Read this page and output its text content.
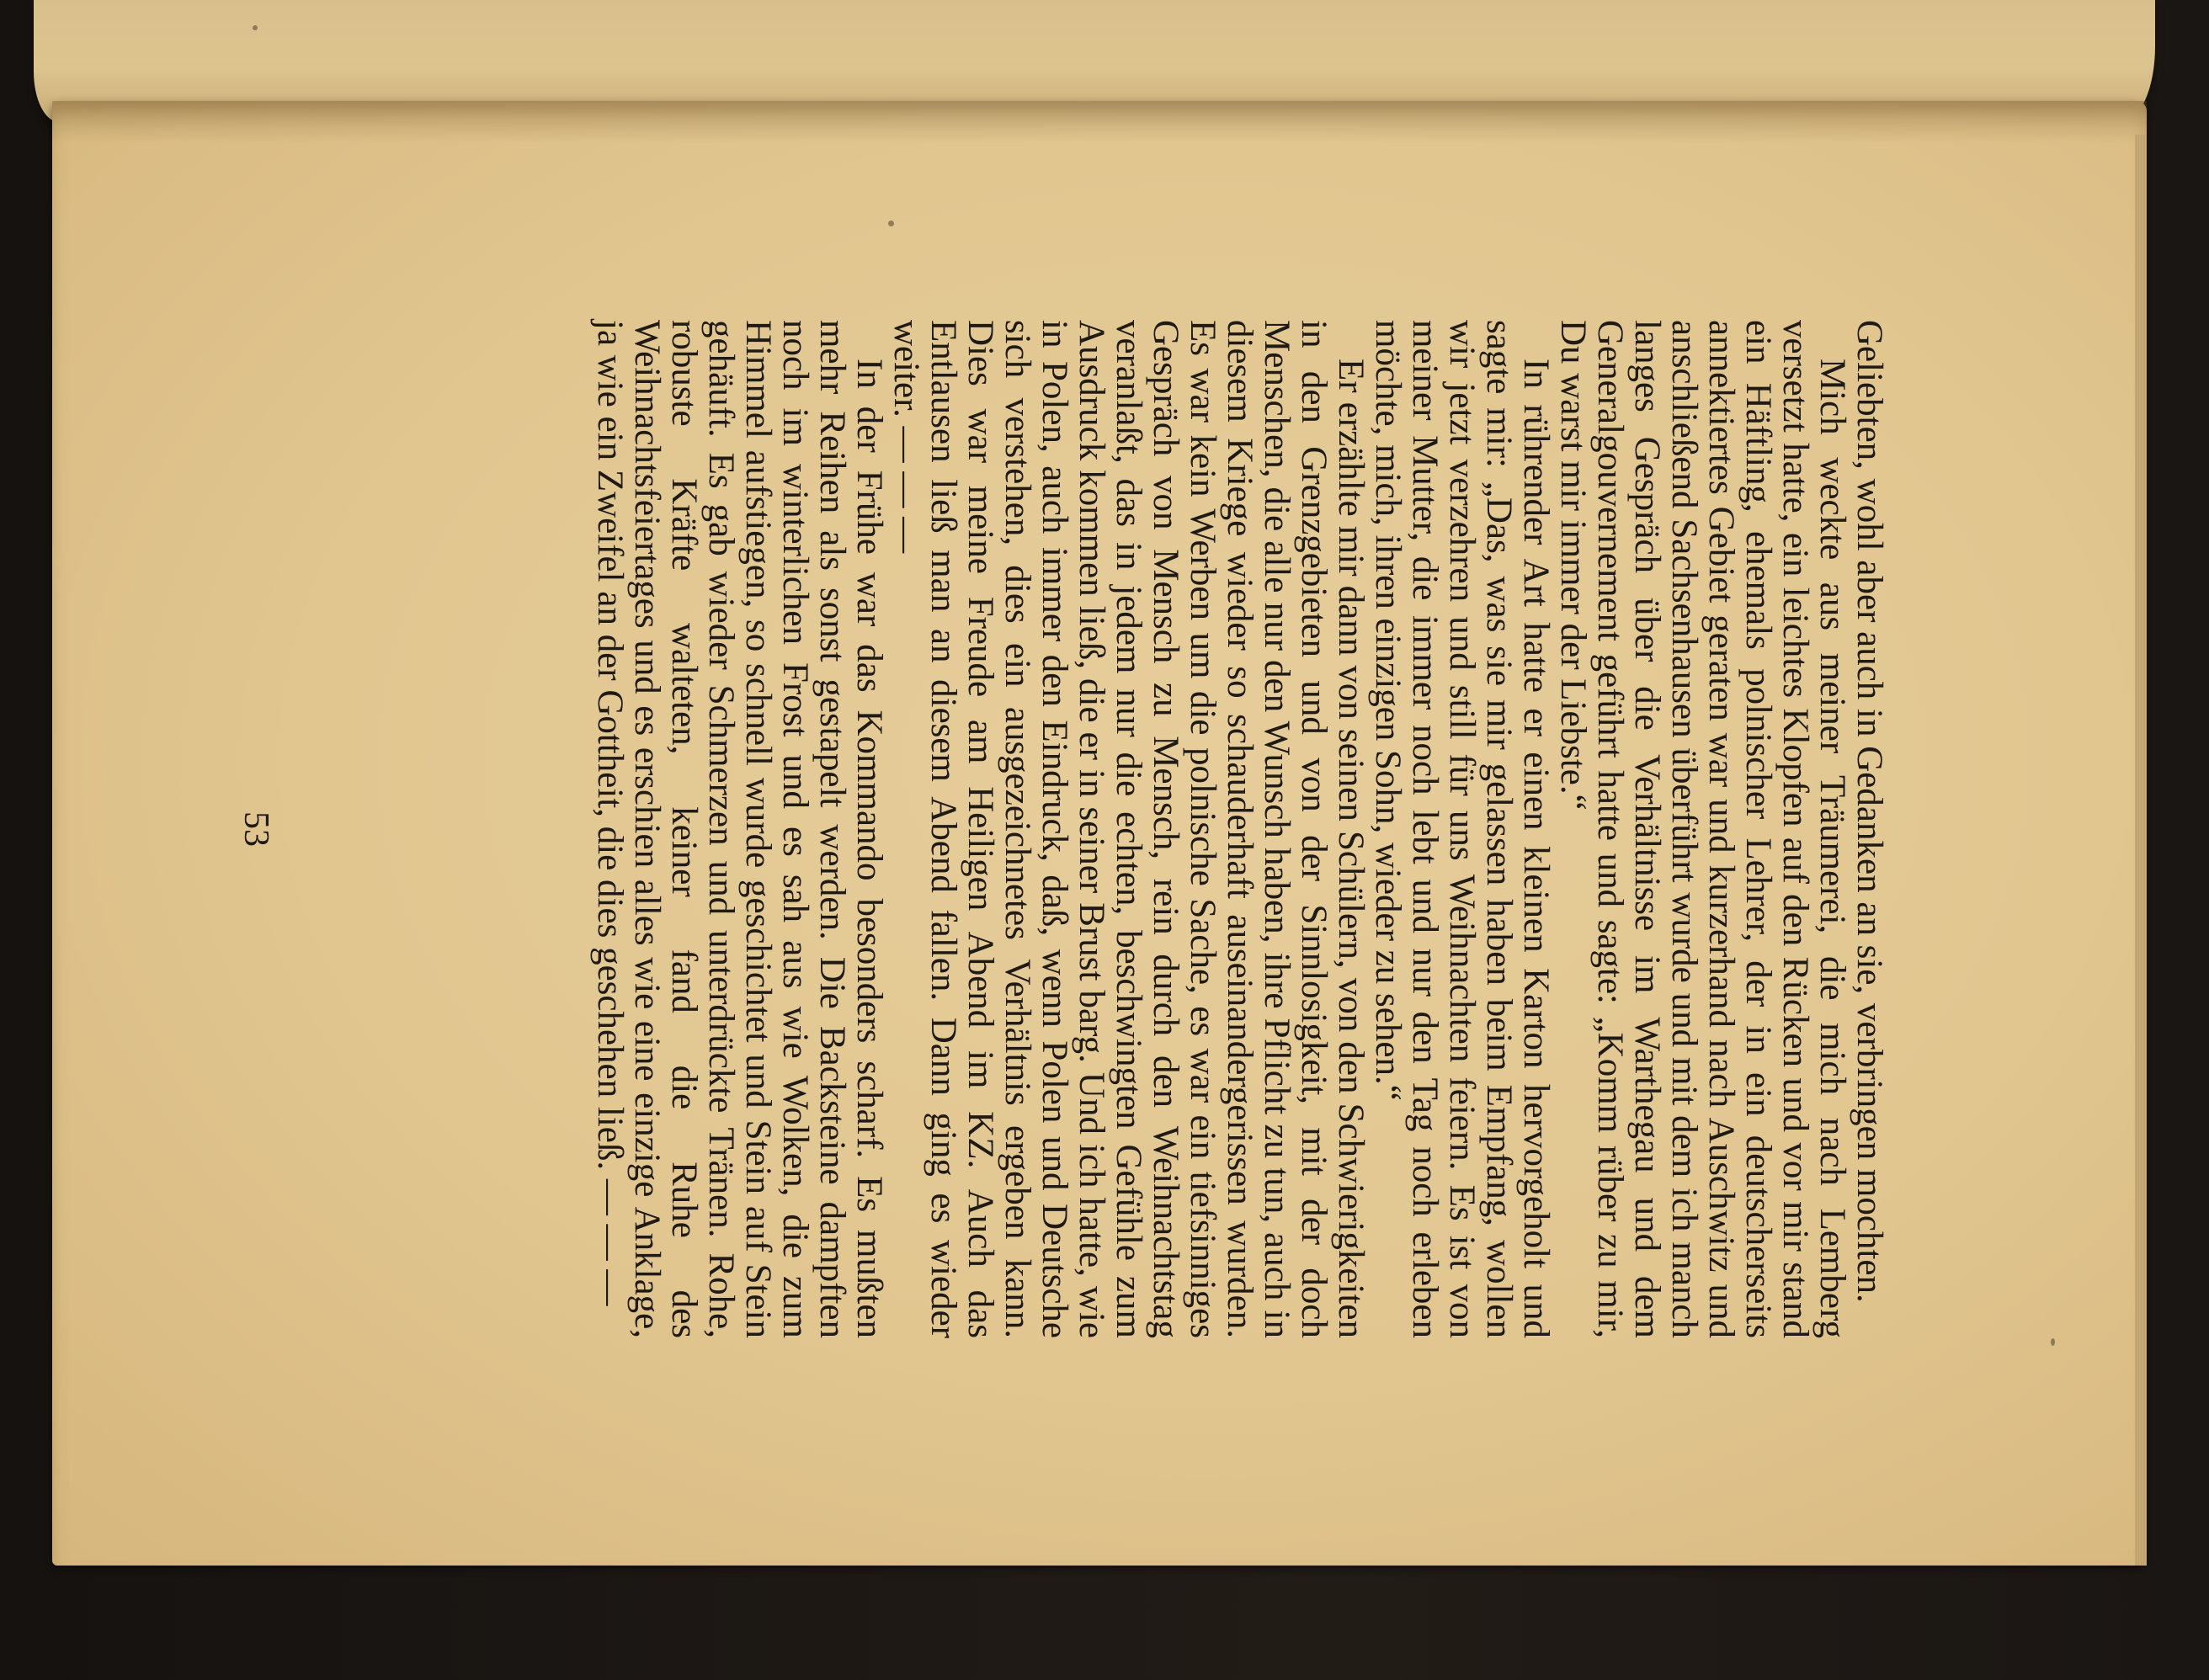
Geliebten, wohl aber auch in Gedanken an sie, verbringen mochten.

Mich weckte aus meiner Träumerei, die mich nach Lemberg versetzt hatte, ein leichtes Klopfen auf den Rücken und vor mir stand ein Häftling, ehemals polnischer Lehrer, der in ein deutscherseits annektiertes Gebiet geraten war und kurzerhand nach Auschwitz und anschließend Sachsenhausen überführt wurde und mit dem ich manch langes Gespräch über die Verhältnisse im Warthegau und dem Generalgouvernement geführt hatte und sagte: „Komm rüber zu mir, Du warst mir immer der Liebste.“

In rührender Art hatte er einen kleinen Karton hervorgeholt und sagte mir: „Das, was sie mir gelassen haben beim Empfang, wollen wir jetzt verzehren und still für uns Weihnachten feiern. Es ist von meiner Mutter, die immer noch lebt und nur den Tag noch erleben möchte, mich, ihren einzigen Sohn, wieder zu sehen.“

Er erzählte mir dann von seinen Schülern, von den Schwierigkeiten in den Grenzgebieten und von der Sinnlosigkeit, mit der doch Menschen, die alle nur den Wunsch haben, ihre Pflicht zu tun, auch in diesem Kriege wieder so schauderhaft auseinandergerissen wurden. Es war kein Werben um die polnische Sache, es war ein tiefsinniges Gespräch von Mensch zu Mensch, rein durch den Weihnachtstag veranlaßt, das in jedem nur die echten, beschwingten Gefühle zum Ausdruck kommen ließ, die er in seiner Brust barg. Und ich hatte, wie in Polen, auch immer den Eindruck, daß, wenn Polen und Deutsche sich verstehen, dies ein ausgezeichnetes Verhältnis ergeben kann. Dies war meine Freude am Heiligen Abend im KZ. Auch das Entlausen ließ man an diesem Abend fallen. Dann ging es wieder weiter. — — —

In der Frühe war das Kommando besonders scharf. Es mußten mehr Reihen als sonst gestapelt werden. Die Backsteine dampften noch im winterlichen Frost und es sah aus wie Wolken, die zum Himmel aufstiegen, so schnell wurde geschichtet und Stein auf Stein gehäuft. Es gab wieder Schmerzen und unterdrückte Tränen. Rohe, robuste Kräfte walteten, keiner fand die Ruhe des Weihnachtsfeiertages und es erschien alles wie eine einzige Anklage, ja wie ein Zweifel an der Gottheit, die dies geschehen ließ. — — —

53
